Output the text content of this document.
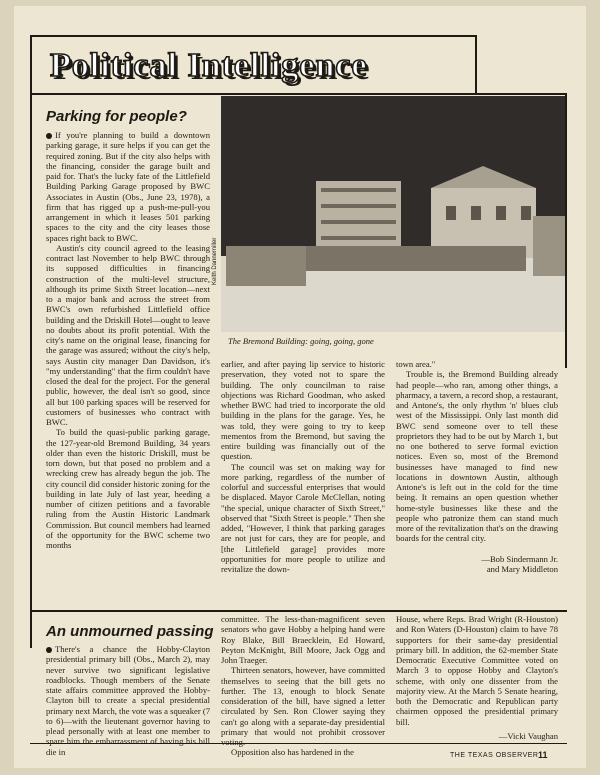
Political Intelligence
Parking for people?

If you're planning to build a downtown parking garage, it sure helps if you can get the required zoning. But if the city also helps with the financing, consider the garage built and paid for. That's the lucky fate of the Littlefield Building Parking Garage proposed by BWC Associates in Austin (Obs., June 23, 1978), a firm that has rigged up a push-me-pull-you arrangement in which it leases 501 parking spaces to the city and the city leases those spaces right back to BWC.

Austin's city council agreed to the leasing contract last November to help BWC through its supposed difficulties in financing construction of the multi-level structure, although its prime Sixth Street location—next to a major bank and across the street from BWC's own refurbished Littlefield office building and the Driskill Hotel—ought to leave no doubts about its profit potential. With the city's name on the original lease, financing for the garage was assured; without the city's help, says Austin city manager Dan Davidson, it's "my understanding" that the firm couldn't have closed the deal for the project. For the general public, however, the deal isn't so good, since all but 100 parking spaces will be reserved for customers of businesses who contract with BWC.

To build the quasi-public parking garage, the 127-year-old Bremond Building, 34 years older than even the historic Driskill, must be torn down, but that posed no problem and a wrecking crew has already begun the job. The city council did consider historic zoning for the building in late July of last year, heeding a number of citizen petitions and a favorable ruling from the Austin Historic Landmark Commission. But council members had learned of the opportunity for the BWC scheme two months

Keith Dannemiller
The Bremond Building: going, going, gone

earlier, and after paying lip service to historic preservation, they voted not to spare the building. The only councilman to raise objections was Richard Goodman, who asked whether BWC had tried to incorporate the old building in the plans for the garage. Yes, he was told, they were going to try to keep mementos from the Bremond, but saving the entire building was financially out of the question.

The council was set on making way for more parking, regardless of the number of colorful and successful enterprises that would be displaced. Mayor Carole McClellan, noting "the special, unique character of Sixth Street," observed that "Sixth Street is people." Then she added, "However, I think that parking garages are not just for cars, they are for people, and [the Littlefield garage] provides more opportunities for more people to utilize and revitalize the down-

town area."

Trouble is, the Bremond Building already had people—who ran, among other things, a pharmacy, a tavern, a record shop, a restaurant, and Antone's, the only rhythm 'n' blues club west of the Mississippi. Only last month did BWC send someone over to tell these proprietors they had to be out by March 1, but no one bothered to serve formal eviction notices. Even so, most of the Bremond businesses have managed to find new locations in downtown Austin, although Antone's is left out in the cold for the time being. It remains an open question whether home-style businesses like these and the people who patronize them can stand much more of the revitalization that's on the drawing boards for the central city.

—Bob Sindermann Jr.

and Mary Middleton

An unmourned passing

There's a chance the Hobby-Clayton presidential primary bill (Obs., March 2), may never survive two significant legislative roadblocks. Though members of the Senate state affairs committee approved the Hobby-Clayton bill to create a special presidential primary next March, the vote was a squeaker (7 to 6)—with the lieutenant governor having to plead personally with at least one member to spare him the embarrassment of having his bill die in

committee. The less-than-magnificent seven senators who gave Hobby a helping hand were Roy Blake, Bill Braecklein, Ed Howard, Peyton McKnight, Bill Moore, Jack Ogg and John Traeger.

Thirteen senators, however, have committed themselves to seeing that the bill gets no further. The 13, enough to block Senate consideration of the bill, have signed a letter circulated by Sen. Ron Clower saying they can't go along with a separate-day presidential primary that would not prohibit crossover voting.

Opposition also has hardened in the

House, where Reps. Brad Wright (R-Houston) and Ron Waters (D-Houston) claim to have 78 supporters for their same-day presidential primary bill. In addition, the 62-member State Democratic Executive Committee voted on March 3 to oppose Hobby and Clayton's scheme, with only one dissenter from the majority view. At the March 5 Senate hearing, both the Democratic and Republican party chairmen opposed the presidential primary bill.

—Vicki Vaughan

THE TEXAS OBSERVER 11
